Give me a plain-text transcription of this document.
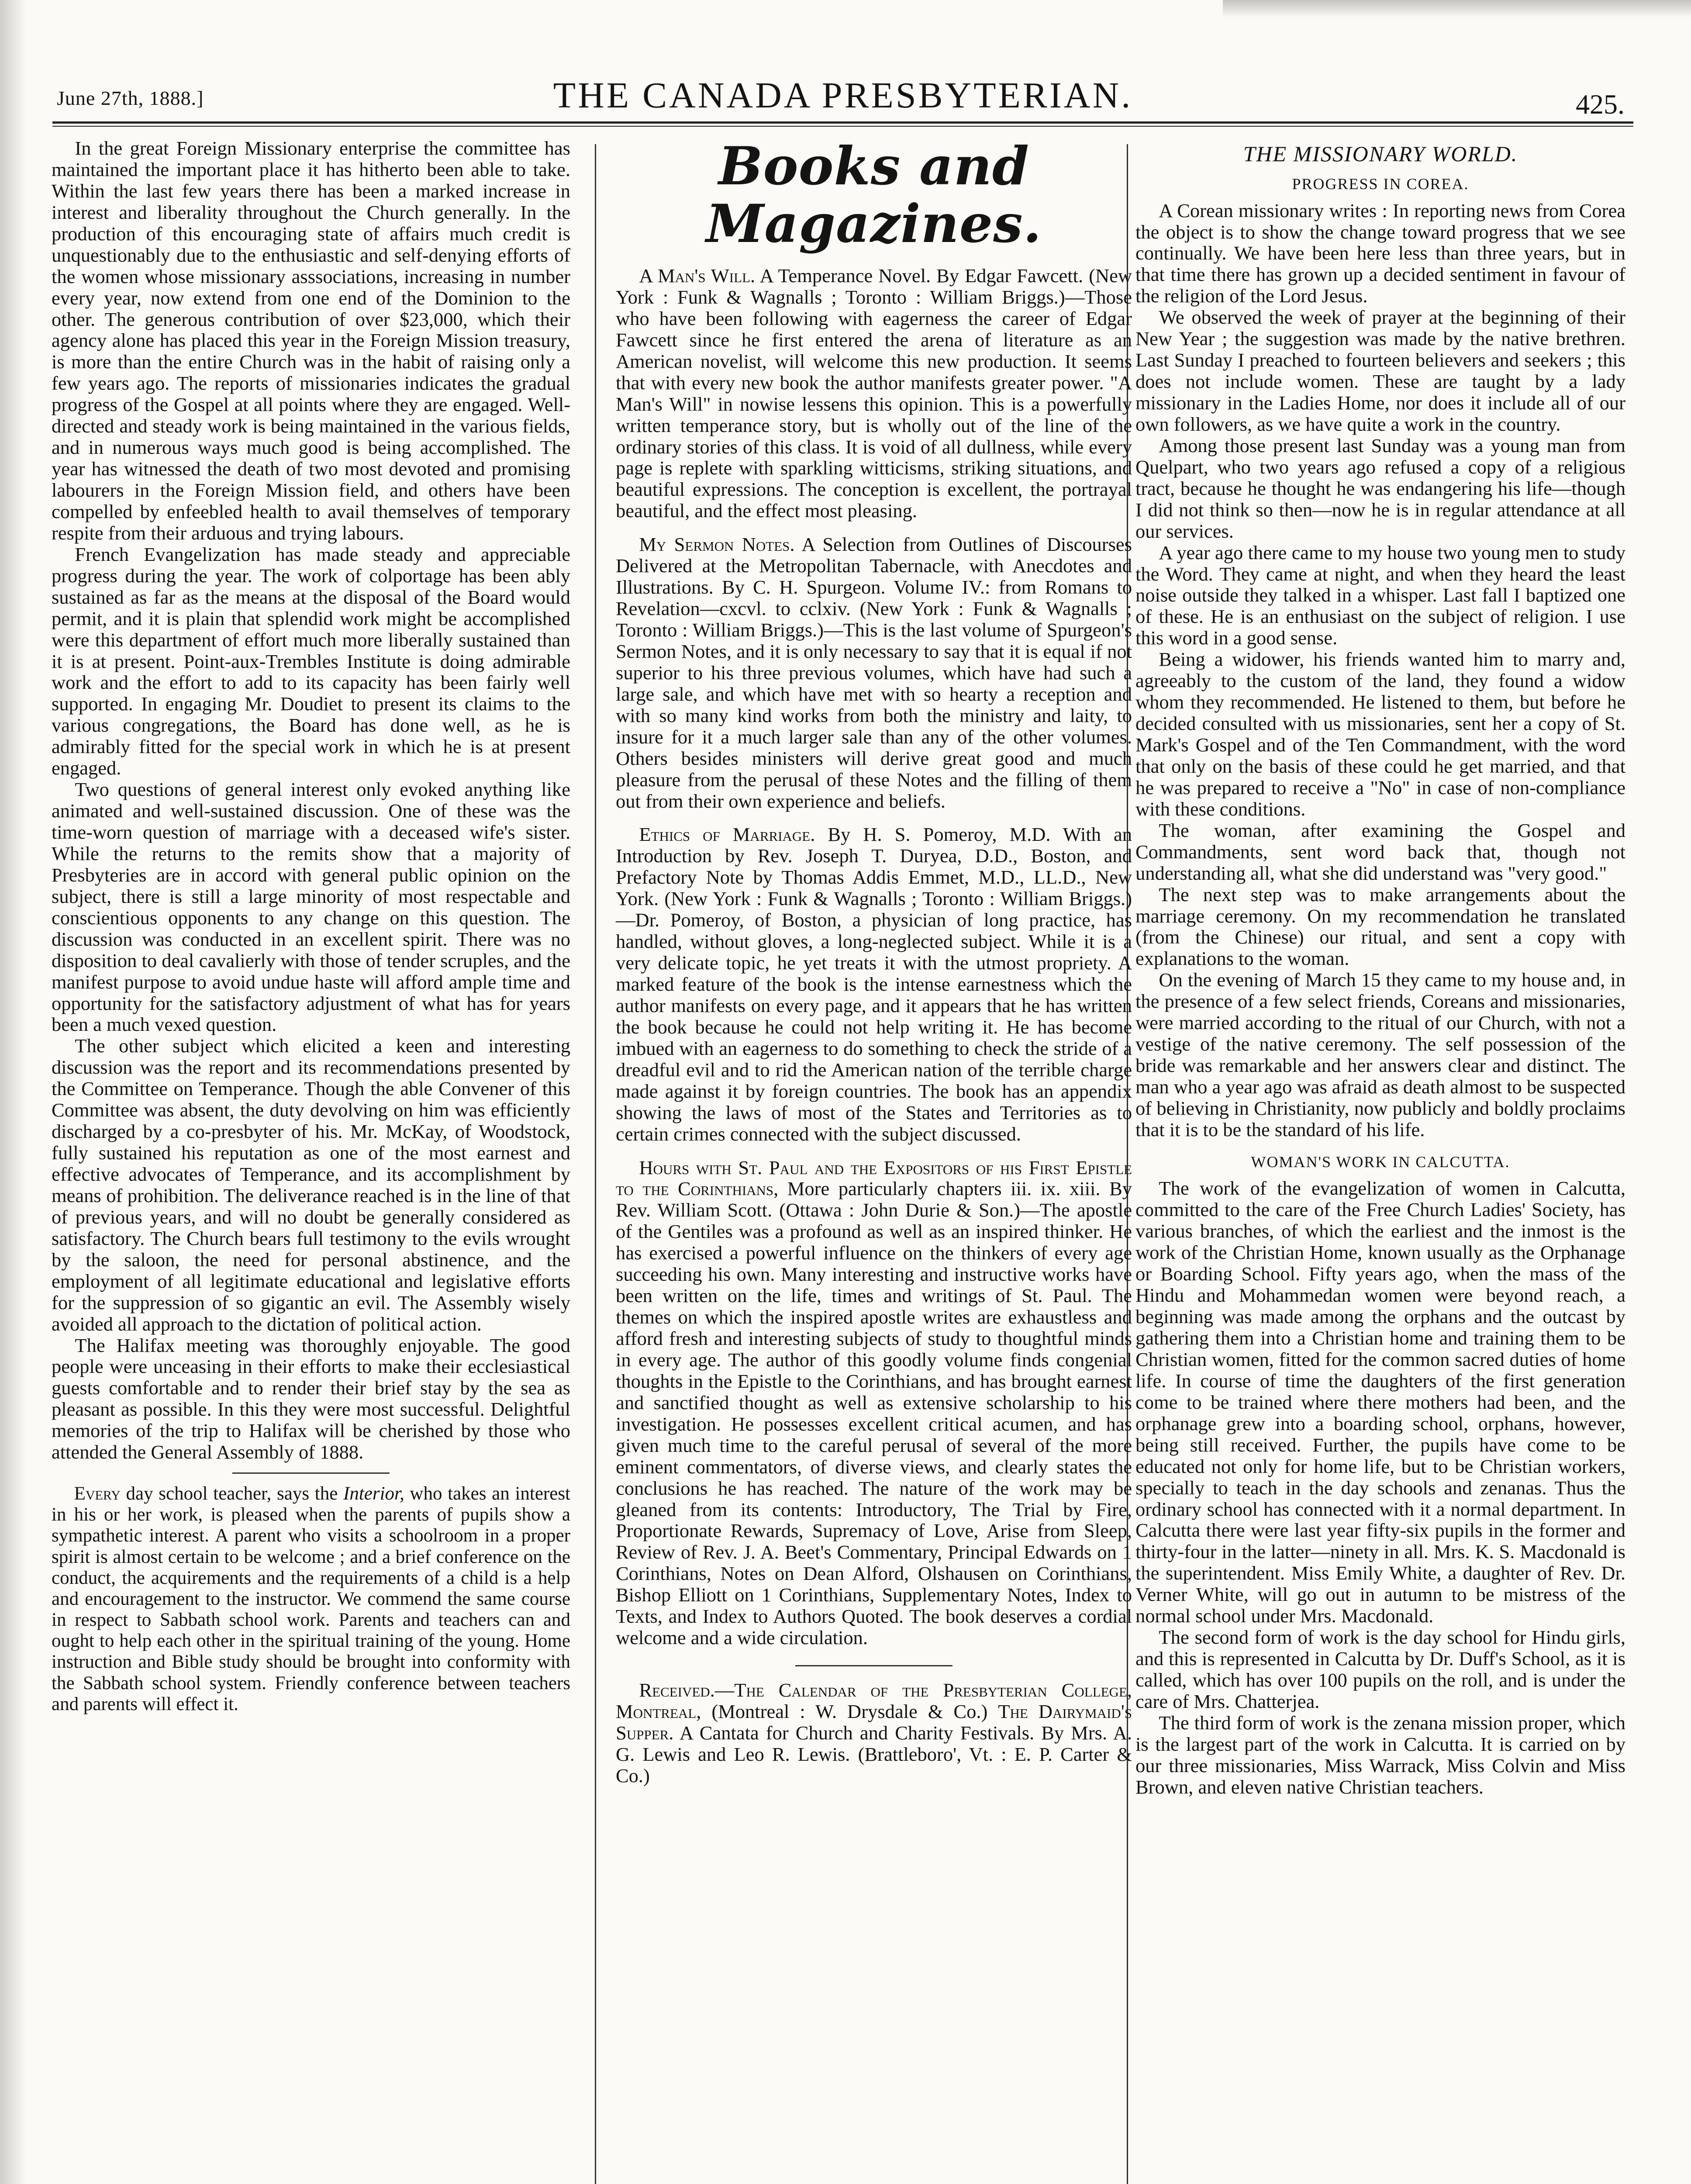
June 27th, 1888.]	THE CANADA PRESBYTERIAN.	425.

In the great Foreign Missionary enterprise the committee has maintained the important place it has hitherto been able to take. Within the last few years there has been a marked increase in interest and liberality throughout the Church generally. In the production of this encouraging state of affairs much credit is unquestionably due to the enthusiastic and self-denying efforts of the women whose missionary asssociations, increasing in number every year, now extend from one end of the Dominion to the other. The generous contribution of over $23,000, which their agency alone has placed this year in the Foreign Mission treasury, is more than the entire Church was in the habit of raising only a few years ago. The reports of missionaries indicates the gradual progress of the Gospel at all points where they are engaged. Well-directed and steady work is being maintained in the various fields, and in numerous ways much good is being accomplished. The year has witnessed the death of two most devoted and promising labourers in the Foreign Mission field, and others have been compelled by enfeebled health to avail themselves of temporary respite from their arduous and trying labours.

French Evangelization has made steady and appreciable progress during the year. The work of colportage has been ably sustained as far as the means at the disposal of the Board would permit, and it is plain that splendid work might be accomplished were this department of effort much more liberally sustained than it is at present. Point-aux-Trembles Institute is doing admirable work and the effort to add to its capacity has been fairly well supported. In engaging Mr. Doudiet to present its claims to the various congregations, the Board has done well, as he is admirably fitted for the special work in which he is at present engaged.

Two questions of general interest only evoked anything like animated and well-sustained discussion. One of these was the time-worn question of marriage with a deceased wife's sister. While the returns to the remits show that a majority of Presbyteries are in accord with general public opinion on the subject, there is still a large minority of most respectable and conscientious opponents to any change on this question. The discussion was conducted in an excellent spirit. There was no disposition to deal cavalierly with those of tender scruples, and the manifest purpose to avoid undue haste will afford ample time and opportunity for the satisfactory adjustment of what has for years been a much vexed question.

The other subject which elicited a keen and interesting discussion was the report and its recommendations presented by the Committee on Temperance. Though the able Convener of this Committee was absent, the duty devolving on him was efficiently discharged by a co-presbyter of his. Mr. McKay, of Woodstock, fully sustained his reputation as one of the most earnest and effective advocates of Temperance, and its accomplishment by means of prohibition. The deliverance reached is in the line of that of previous years, and will no doubt be generally considered as satisfactory. The Church bears full testimony to the evils wrought by the saloon, the need for personal abstinence, and the employment of all legitimate educational and legislative efforts for the suppression of so gigantic an evil. The Assembly wisely avoided all approach to the dictation of political action.

The Halifax meeting was thoroughly enjoyable. The good people were unceasing in their efforts to make their ecclesiastical guests comfortable and to render their brief stay by the sea as pleasant as possible. In this they were most successful. Delightful memories of the trip to Halifax will be cherished by those who attended the General Assembly of 1888.

Every day school teacher, says the Interior, who takes an interest in his or her work, is pleased when the parents of pupils show a sympathetic interest. A parent who visits a schoolroom in a proper spirit is almost certain to be welcome ; and a brief conference on the conduct, the acquirements and the requirements of a child is a help and encouragement to the instructor. We commend the same course in respect to Sabbath school work. Parents and teachers can and ought to help each other in the spiritual training of the young. Home instruction and Bible study should be brought into conformity with the Sabbath school system. Friendly conference between teachers and parents will effect it.

Books and Magazines.

A Man's Will. A Temperance Novel. By Edgar Fawcett. (New York : Funk & Wagnalls ; Toronto : William Briggs.)—Those who have been following with eagerness the career of Edgar Fawcett since he first entered the arena of literature as an American novelist, will welcome this new production. It seems that with every new book the author manifests greater power. "A Man's Will" in nowise lessens this opinion. This is a powerfully written temperance story, but is wholly out of the line of the ordinary stories of this class. It is void of all dullness, while every page is replete with sparkling witticisms, striking situations, and beautiful expressions. The conception is excellent, the portrayal beautiful, and the effect most pleasing.

My Sermon Notes. A Selection from Outlines of Discourses Delivered at the Metropolitan Tabernacle, with Anecdotes and Illustrations. By C. H. Spurgeon. Volume IV.: from Romans to Revelation—cxcvl. to cclxiv. (New York : Funk & Wagnalls ; Toronto : William Briggs.)—This is the last volume of Spurgeon's Sermon Notes, and it is only necessary to say that it is equal if not superior to his three previous volumes, which have had such a large sale, and which have met with so hearty a reception and with so many kind works from both the ministry and laity, to insure for it a much larger sale than any of the other volumes. Others besides ministers will derive great good and much pleasure from the perusal of these Notes and the filling of them out from their own experience and beliefs.

Ethics of Marriage. By H. S. Pomeroy, M.D. With an Introduction by Rev. Joseph T. Duryea, D.D., Boston, and Prefactory Note by Thomas Addis Emmet, M.D., LL.D., New York. (New York : Funk & Wagnalls ; Toronto : William Briggs.)—Dr. Pomeroy, of Boston, a physician of long practice, has handled, without gloves, a long-neglected subject. While it is a very delicate topic, he yet treats it with the utmost propriety. A marked feature of the book is the intense earnestness which the author manifests on every page, and it appears that he has written the book because he could not help writing it. He has become imbued with an eagerness to do something to check the stride of a dreadful evil and to rid the American nation of the terrible charge made against it by foreign countries. The book has an appendix showing the laws of most of the States and Territories as to certain crimes connected with the subject discussed.

Hours with St. Paul and the Expositors of his First Epistle to the Corinthians, More particularly chapters iii. ix. xiii. By Rev. William Scott. (Ottawa : John Durie & Son.)—The apostle of the Gentiles was a profound as well as an inspired thinker. He has exercised a powerful influence on the thinkers of every age succeeding his own. Many interesting and instructive works have been written on the life, times and writings of St. Paul. The themes on which the inspired apostle writes are exhaustless and afford fresh and interesting subjects of study to thoughtful minds in every age. The author of this goodly volume finds congenial thoughts in the Epistle to the Corinthians, and has brought earnest and sanctified thought as well as extensive scholarship to his investigation. He possesses excellent critical acumen, and has given much time to the careful perusal of several of the more eminent commentators, of diverse views, and clearly states the conclusions he has reached. The nature of the work may be gleaned from its contents: Introductory, The Trial by Fire, Proportionate Rewards, Supremacy of Love, Arise from Sleep, Review of Rev. J. A. Beet's Commentary, Principal Edwards on 1 Corinthians, Notes on Dean Alford, Olshausen on Corinthians, Bishop Elliott on 1 Corinthians, Supplementary Notes, Index to Texts, and Index to Authors Quoted. The book deserves a cordial welcome and a wide circulation.

Received.—The Calendar of the Presbyterian College, Montreal, (Montreal : W. Drysdale & Co.) The Dairymaid's Supper. A Cantata for Church and Charity Festivals. By Mrs. A. G. Lewis and Leo R. Lewis. (Brattleboro', Vt. : E. P. Carter & Co.)

THE MISSIONARY WORLD.
PROGRESS IN COREA.

A Corean missionary writes : In reporting news from Corea the object is to show the change toward progress that we see continually. We have been here less than three years, but in that time there has grown up a decided sentiment in favour of the religion of the Lord Jesus.

We observed the week of prayer at the beginning of their New Year ; the suggestion was made by the native brethren. Last Sunday I preached to fourteen believers and seekers ; this does not include women. These are taught by a lady missionary in the Ladies Home, nor does it include all of our own followers, as we have quite a work in the country.

Among those present last Sunday was a young man from Quelpart, who two years ago refused a copy of a religious tract, because he thought he was endangering his life—though I did not think so then—now he is in regular attendance at all our services.

A year ago there came to my house two young men to study the Word. They came at night, and when they heard the least noise outside they talked in a whisper. Last fall I baptized one of these. He is an enthusiast on the subject of religion. I use this word in a good sense.

Being a widower, his friends wanted him to marry and, agreeably to the custom of the land, they found a widow whom they recommended. He listened to them, but before he decided consulted with us missionaries, sent her a copy of St. Mark's Gospel and of the Ten Commandment, with the word that only on the basis of these could he get married, and that he was prepared to receive a "No" in case of non-compliance with these conditions.

The woman, after examining the Gospel and Commandments, sent word back that, though not understanding all, what she did understand was "very good."

The next step was to make arrangements about the marriage ceremony. On my recommendation he translated (from the Chinese) our ritual, and sent a copy with explanations to the woman.

On the evening of March 15 they came to my house and, in the presence of a few select friends, Coreans and missionaries, were married according to the ritual of our Church, with not a vestige of the native ceremony. The self possession of the bride was remarkable and her answers clear and distinct. The man who a year ago was afraid as death almost to be suspected of believing in Christianity, now publicly and boldly proclaims that it is to be the standard of his life.

WOMAN'S WORK IN CALCUTTA.

The work of the evangelization of women in Calcutta, committed to the care of the Free Church Ladies' Society, has various branches, of which the earliest and the inmost is the work of the Christian Home, known usually as the Orphanage or Boarding School. Fifty years ago, when the mass of the Hindu and Mohammedan women were beyond reach, a beginning was made among the orphans and the outcast by gathering them into a Christian home and training them to be Christian women, fitted for the common sacred duties of home life. In course of time the daughters of the first generation come to be trained where there mothers had been, and the orphanage grew into a boarding school, orphans, however, being still received. Further, the pupils have come to be educated not only for home life, but to be Christian workers, specially to teach in the day schools and zenanas. Thus the ordinary school has connected with it a normal department. In Calcutta there were last year fifty-six pupils in the former and thirty-four in the latter—ninety in all. Mrs. K. S. Macdonald is the superintendent. Miss Emily White, a daughter of Rev. Dr. Verner White, will go out in autumn to be mistress of the normal school under Mrs. Macdonald.

The second form of work is the day school for Hindu girls, and this is represented in Calcutta by Dr. Duff's School, as it is called, which has over 100 pupils on the roll, and is under the care of Mrs. Chatterjea.

The third form of work is the zenana mission proper, which is the largest part of the work in Calcutta. It is carried on by our three missionaries, Miss Warrack, Miss Colvin and Miss Brown, and eleven native Christian teachers.
